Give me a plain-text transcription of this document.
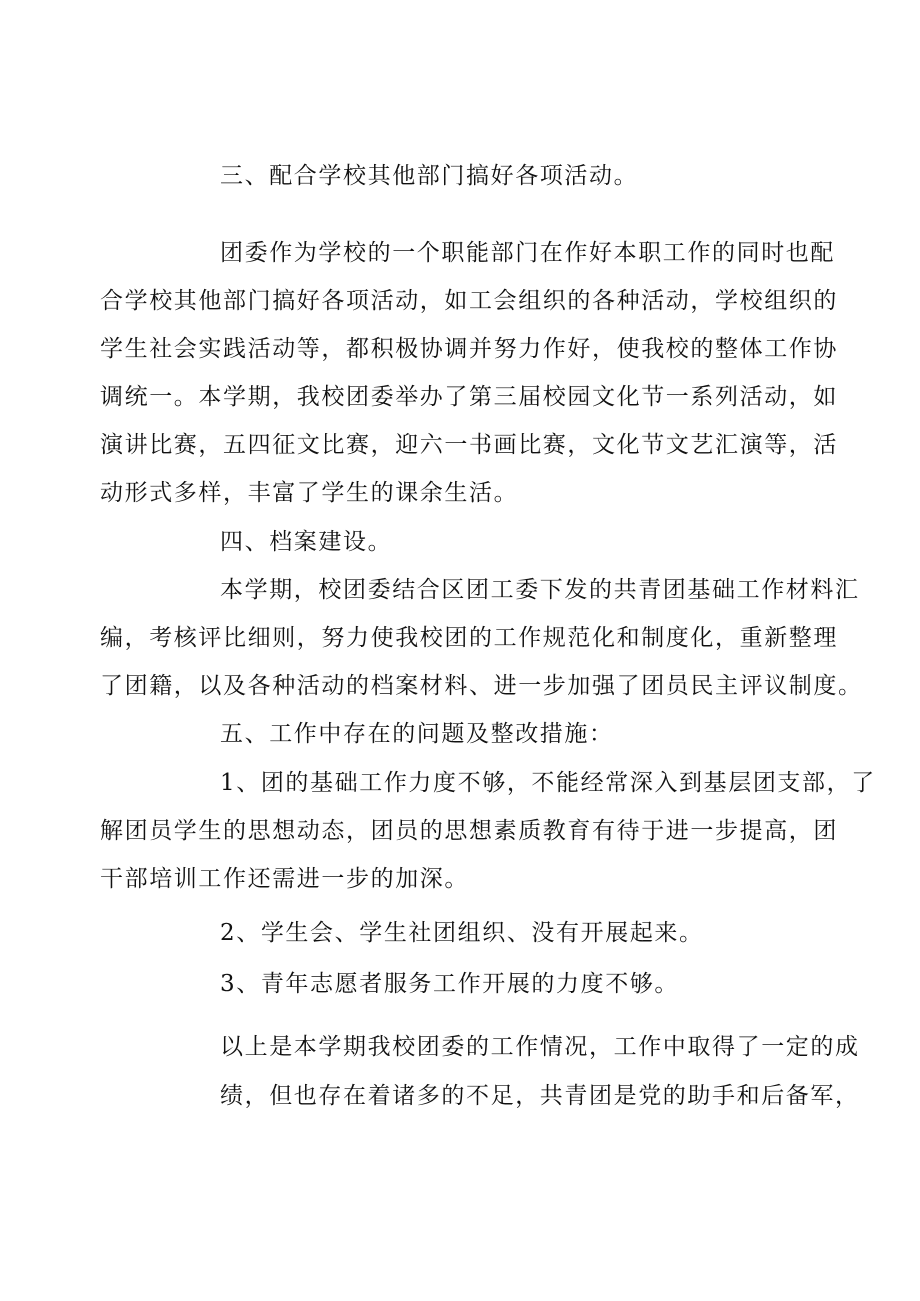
三、配合学校其他部门搞好各项活动。
团委作为学校的一个职能部门在作好本职工作的同时也配
合学校其他部门搞好各项活动，如工会组织的各种活动，学校组织的
学生社会实践活动等，都积极协调并努力作好，使我校的整体工作协
调统一。本学期，我校团委举办了第三届校园文化节一系列活动，如
演讲比赛，五四征文比赛，迎六一书画比赛，文化节文艺汇演等，活
动形式多样，丰富了学生的课余生活。
四、档案建设。
本学期，校团委结合区团工委下发的共青团基础工作材料汇
编，考核评比细则，努力使我校团的工作规范化和制度化，重新整理
了团籍，以及各种活动的档案材料、进一步加强了团员民主评议制度。
五、工作中存在的问题及整改措施：
1、团的基础工作力度不够，不能经常深入到基层团支部，了
解团员学生的思想动态，团员的思想素质教育有待于进一步提高，团
干部培训工作还需进一步的加深。
2、学生会、学生社团组织、没有开展起来。
3、青年志愿者服务工作开展的力度不够。
以上是本学期我校团委的工作情况，工作中取得了一定的成
绩，但也存在着诸多的不足，共青团是党的助手和后备军，
